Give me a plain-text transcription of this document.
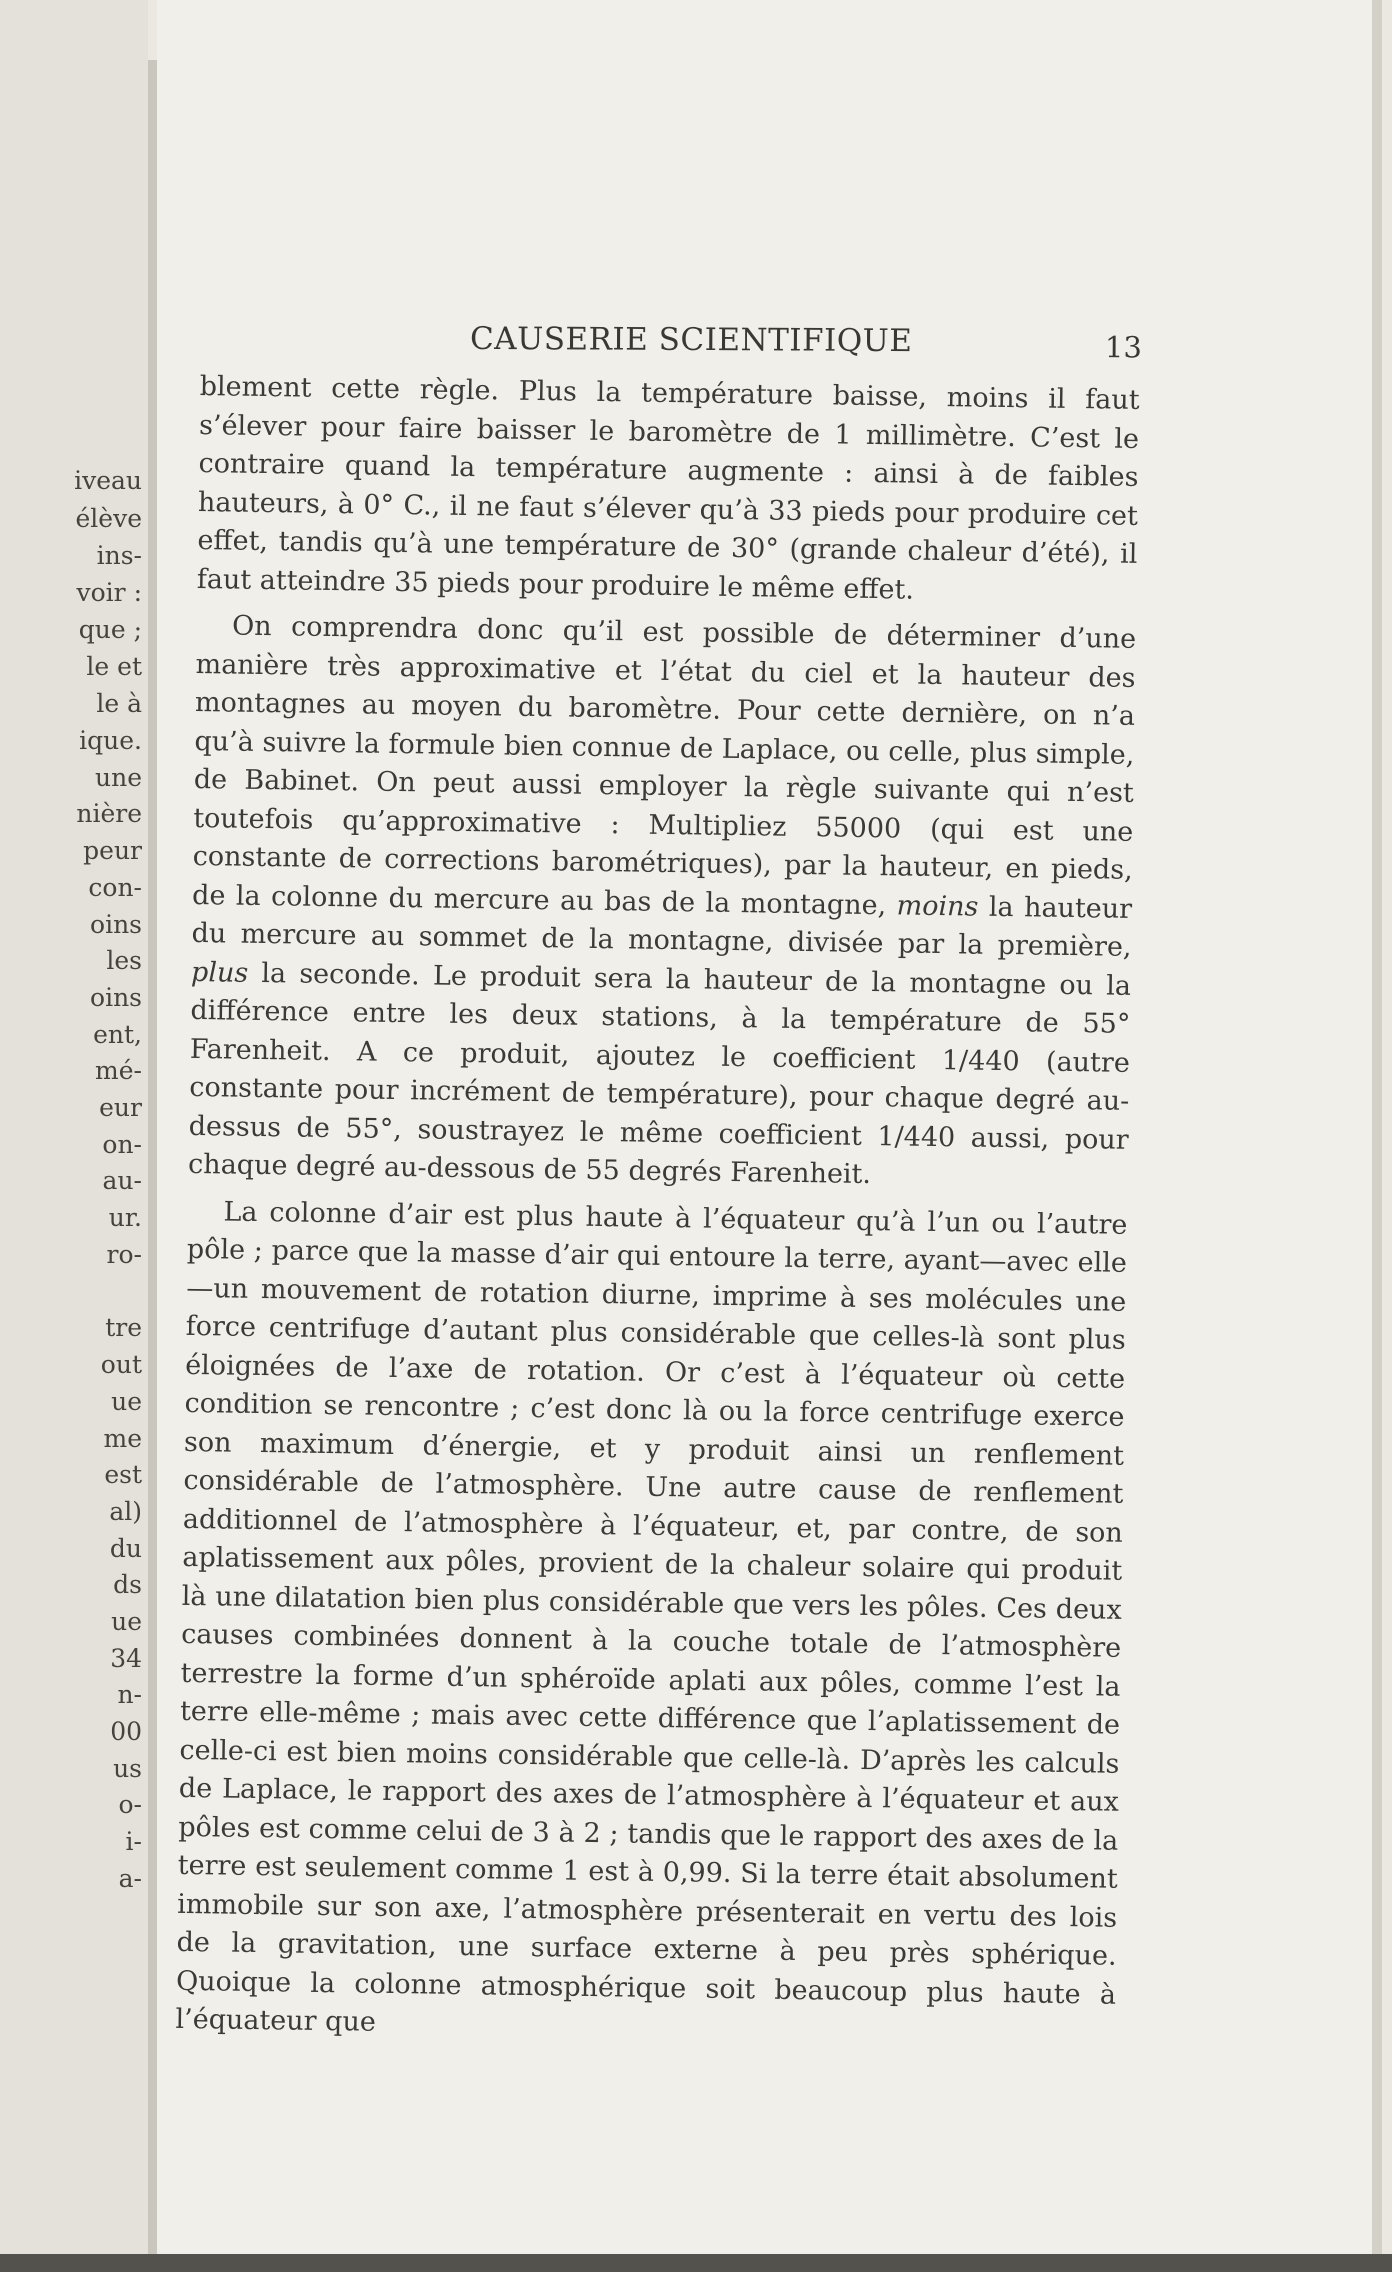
iveau
élève
ins-
voir :
que ;
le et
le à
ique.
une
nière
peur
con-
oins
les
oins
ent,
mé-
eur
on-
au-
ur.
ro-
tre
out
ue
me
est
al)
du
ds
ue
34
n-
00
us
o-
i-
a-
CAUSERIE SCIENTIFIQUE	13

blement cette règle. Plus la température baisse, moins il faut s’élever pour faire baisser le baromètre de 1 millimètre. C’est le contraire quand la température augmente : ainsi à de faibles hauteurs, à 0° C., il ne faut s’élever qu’à 33 pieds pour produire cet effet, tandis qu’à une température de 30° (grande chaleur d’été), il faut atteindre 35 pieds pour produire le même effet.

On comprendra donc qu’il est possible de déterminer d’une manière très approximative et l’état du ciel et la hauteur des montagnes au moyen du baromètre. Pour cette dernière, on n’a qu’à suivre la formule bien connue de Laplace, ou celle, plus simple, de Babinet. On peut aussi employer la règle suivante qui n’est toutefois qu’approximative : Multipliez 55000 (qui est une constante de corrections barométriques), par la hauteur, en pieds, de la colonne du mercure au bas de la montagne, moins la hauteur du mercure au sommet de la montagne, divisée par la première, plus la seconde. Le produit sera la hauteur de la montagne ou la différence entre les deux stations, à la température de 55° Farenheit. A ce produit, ajoutez le coefficient 1/440 (autre constante pour incrément de température), pour chaque degré au-dessus de 55°, soustrayez le même coefficient 1/440 aussi, pour chaque degré au-dessous de 55 degrés Farenheit.

La colonne d’air est plus haute à l’équateur qu’à l’un ou l’autre pôle ; parce que la masse d’air qui entoure la terre, ayant—avec elle—un mouvement de rotation diurne, imprime à ses molécules une force centrifuge d’autant plus considérable que celles-là sont plus éloignées de l’axe de rotation. Or c’est à l’équateur où cette condition se rencontre ; c’est donc là ou la force centrifuge exerce son maximum d’énergie, et y produit ainsi un renflement considérable de l’atmosphère. Une autre cause de renflement additionnel de l’atmosphère à l’équateur, et, par contre, de son aplatissement aux pôles, provient de la chaleur solaire qui produit là une dilatation bien plus considérable que vers les pôles. Ces deux causes combinées donnent à la couche totale de l’atmosphère terrestre la forme d’un sphéroïde aplati aux pôles, comme l’est la terre elle-même ; mais avec cette différence que l’aplatissement de celle-ci est bien moins considérable que celle-là. D’après les calculs de Laplace, le rapport des axes de l’atmosphère à l’équateur et aux pôles est comme celui de 3 à 2 ; tandis que le rapport des axes de la terre est seulement comme 1 est à 0,99. Si la terre était absolument immobile sur son axe, l’atmosphère présenterait en vertu des lois de la gravitation, une surface externe à peu près sphérique. Quoique la colonne atmosphérique soit beaucoup plus haute à l’équateur que
